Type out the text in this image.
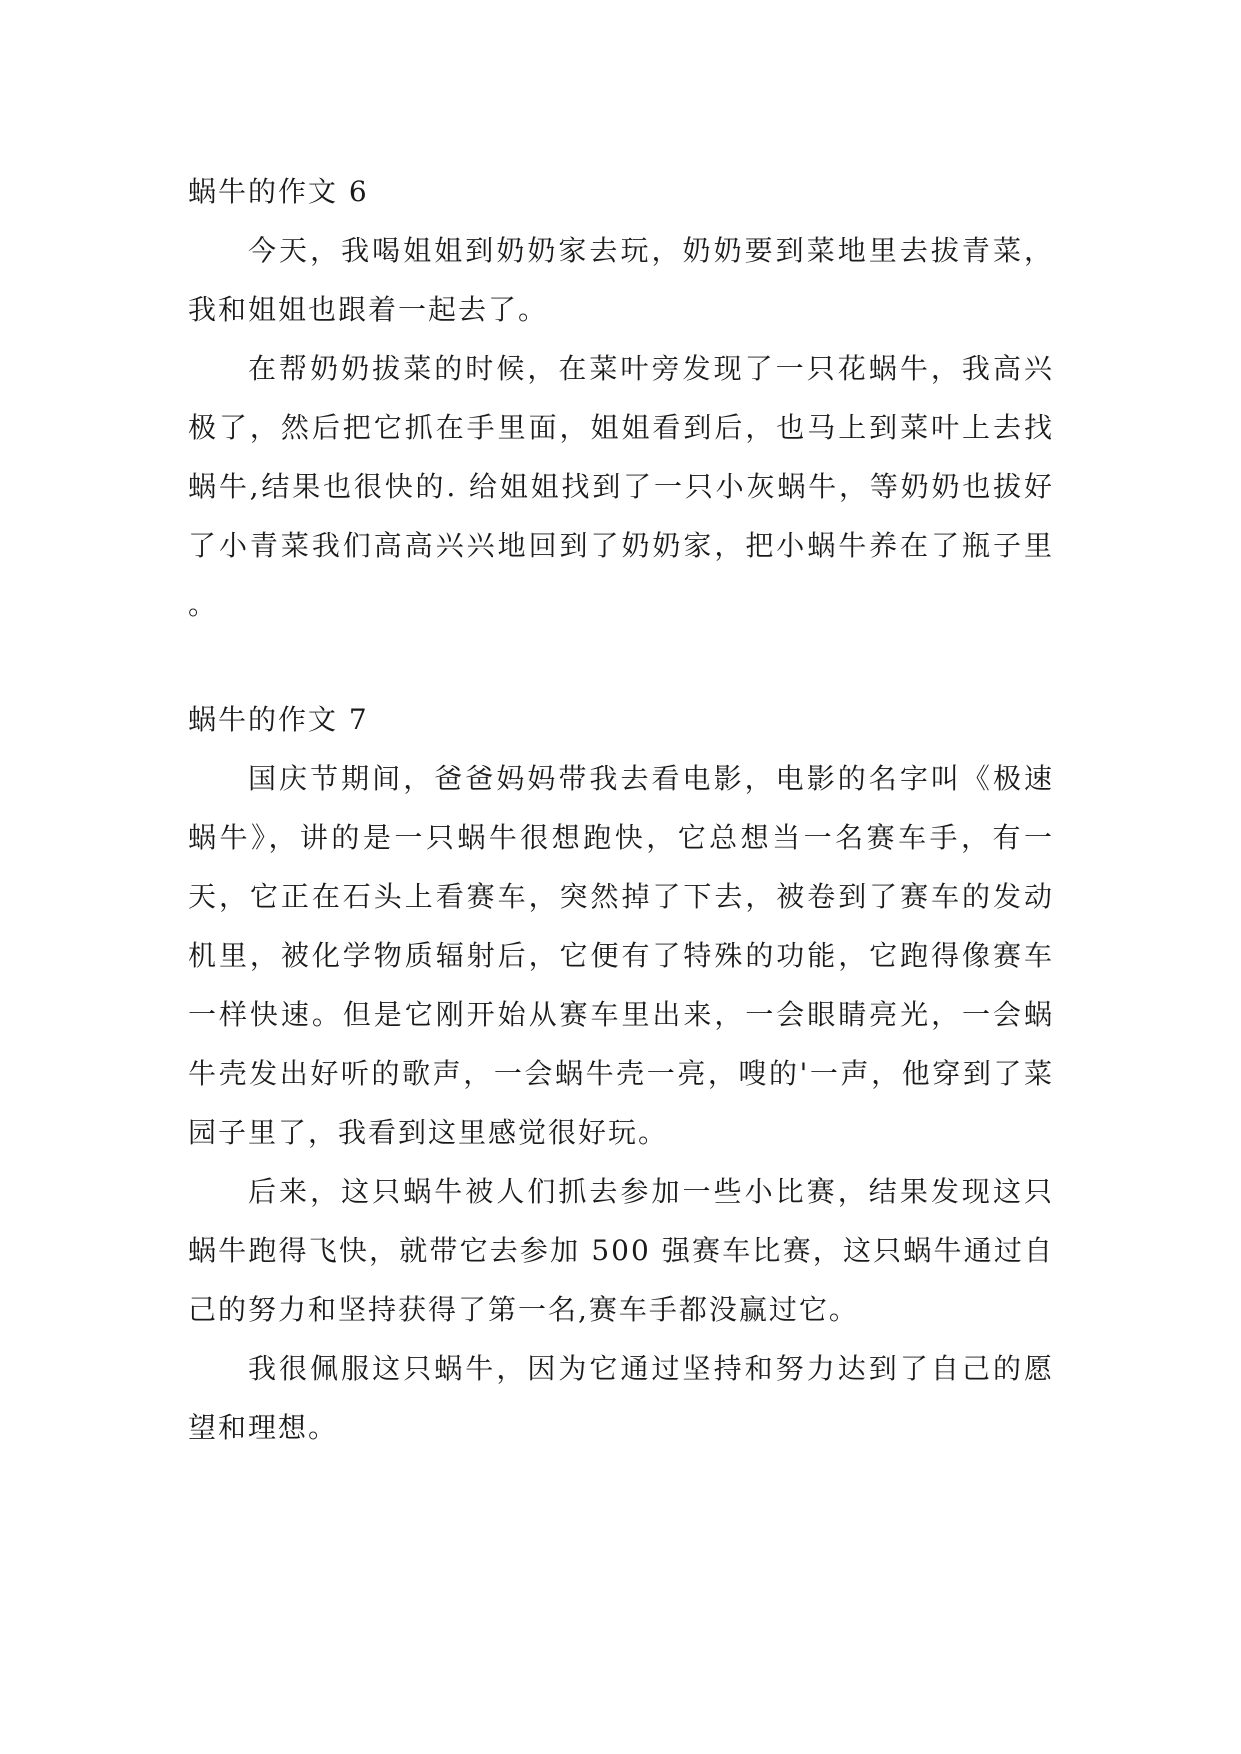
蜗牛的作文 6

今天，我喝姐姐到奶奶家去玩，奶奶要到菜地里去拔青菜，我和姐姐也跟着一起去了。

在帮奶奶拔菜的时候，在菜叶旁发现了一只花蜗牛，我高兴极了，然后把它抓在手里面，姐姐看到后，也马上到菜叶上去找蜗牛,结果也很快的. 给姐姐找到了一只小灰蜗牛，等奶奶也拔好了小青菜我们高高兴兴地回到了奶奶家，把小蜗牛养在了瓶子里 。

蜗牛的作文 7

国庆节期间，爸爸妈妈带我去看电影，电影的名字叫《极速蜗牛》，讲的是一只蜗牛很想跑快，它总想当一名赛车手，有一天，它正在石头上看赛车，突然掉了下去，被卷到了赛车的发动机里，被化学物质辐射后，它便有了特殊的功能，它跑得像赛车一样快速。但是它刚开始从赛车里出来，一会眼睛亮光，一会蜗牛壳发出好听的歌声，一会蜗牛壳一亮，嗖的'一声，他穿到了菜园子里了，我看到这里感觉很好玩。

后来，这只蜗牛被人们抓去参加一些小比赛，结果发现这只蜗牛跑得飞快，就带它去参加 500 强赛车比赛，这只蜗牛通过自己的努力和坚持获得了第一名,赛车手都没赢过它。

我很佩服这只蜗牛，因为它通过坚持和努力达到了自己的愿望和理想。
